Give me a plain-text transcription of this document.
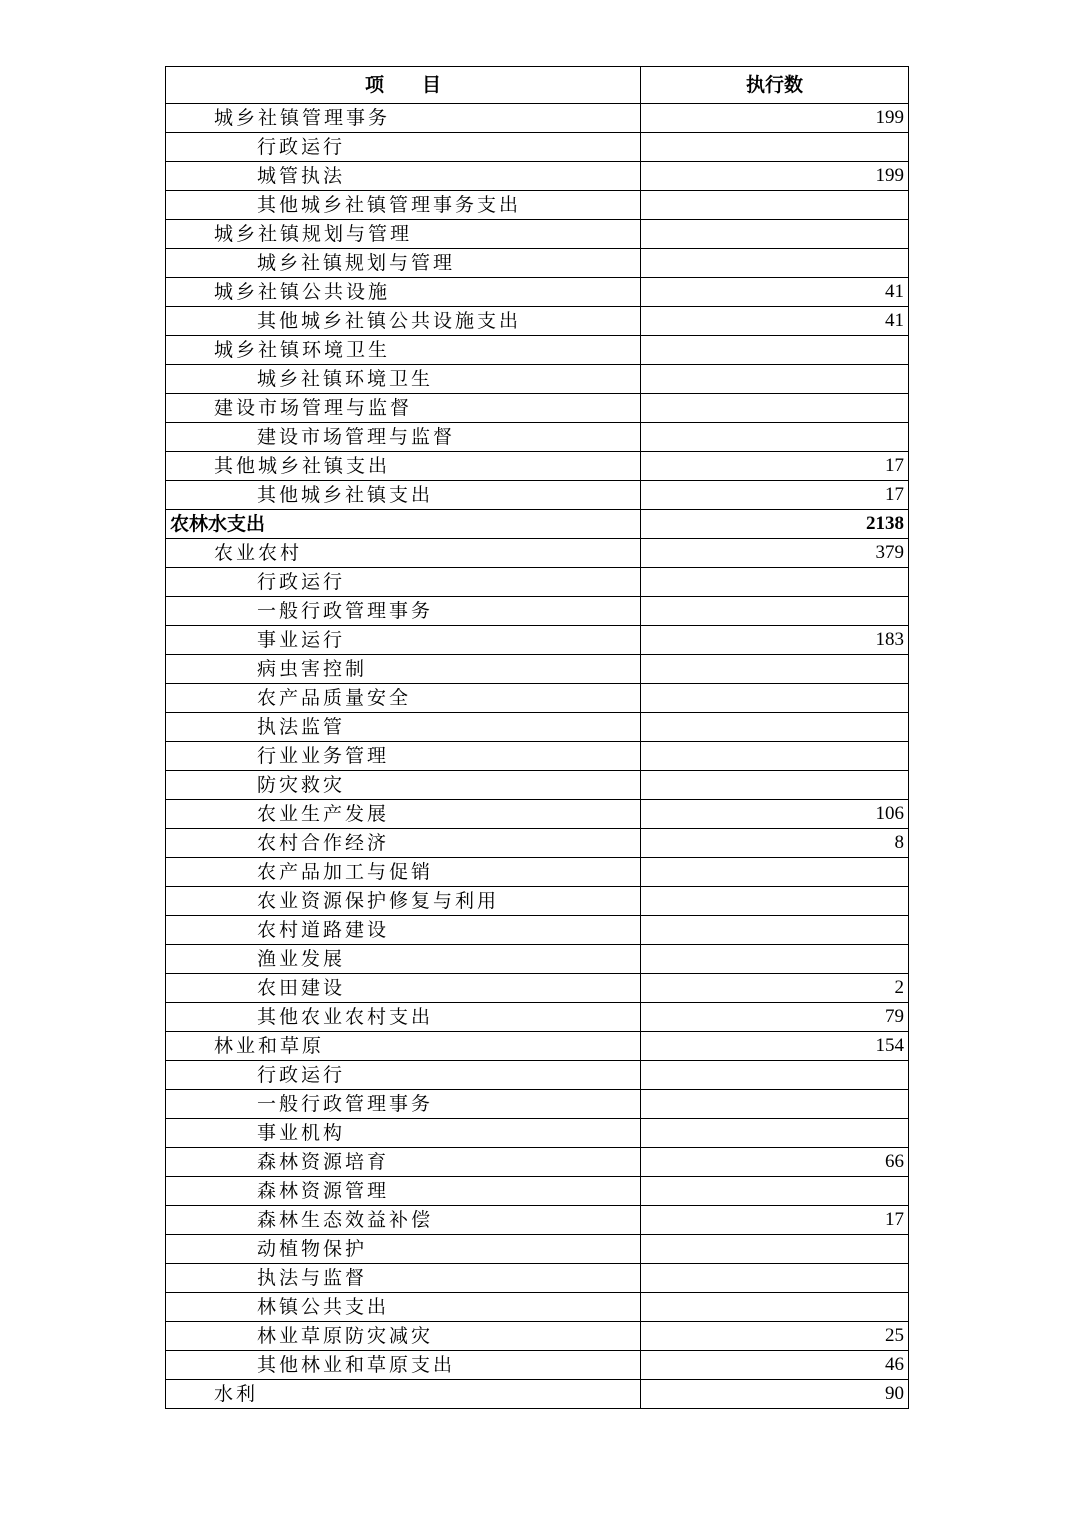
项　　目	执行数
城乡社镇管理事务	199
行政运行	
城管执法	199
其他城乡社镇管理事务支出	
城乡社镇规划与管理	
城乡社镇规划与管理	
城乡社镇公共设施	41
其他城乡社镇公共设施支出	41
城乡社镇环境卫生	
城乡社镇环境卫生	
建设市场管理与监督	
建设市场管理与监督	
其他城乡社镇支出	17
其他城乡社镇支出	17
农林水支出	2138
农业农村	379
行政运行	
一般行政管理事务	
事业运行	183
病虫害控制	
农产品质量安全	
执法监管	
行业业务管理	
防灾救灾	
农业生产发展	106
农村合作经济	8
农产品加工与促销	
农业资源保护修复与利用	
农村道路建设	
渔业发展	
农田建设	2
其他农业农村支出	79
林业和草原	154
行政运行	
一般行政管理事务	
事业机构	
森林资源培育	66
森林资源管理	
森林生态效益补偿	17
动植物保护	
执法与监督	
林镇公共支出	
林业草原防灾减灾	25
其他林业和草原支出	46
水利	90
